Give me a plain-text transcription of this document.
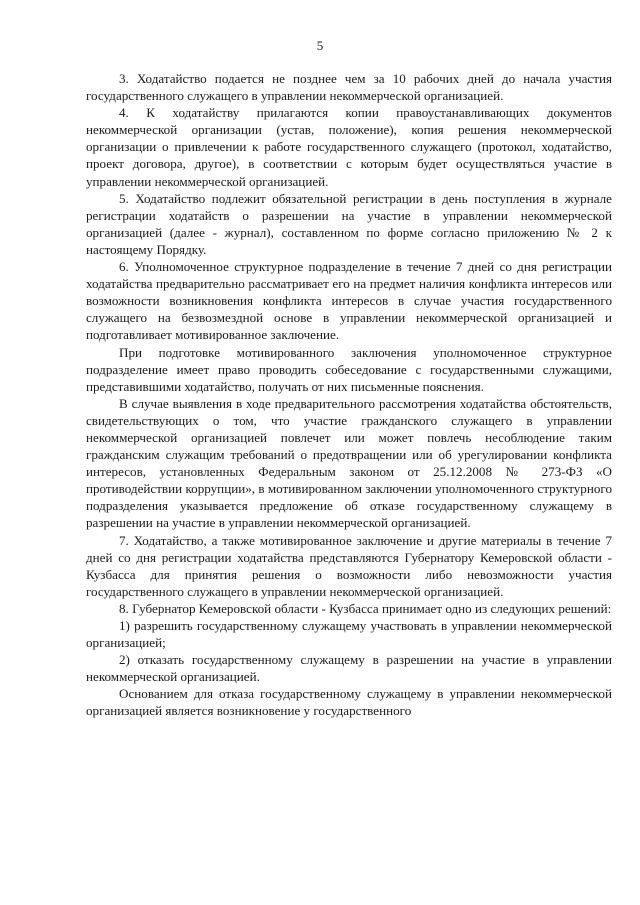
5

3. Ходатайство подается не позднее чем за 10 рабочих дней до начала участия государственного служащего в управлении некоммерческой организацией.

4. К ходатайству прилагаются копии правоустанавливающих документов некоммерческой организации (устав, положение), копия решения некоммерческой организации о привлечении к работе государственного служащего (протокол, ходатайство, проект договора, другое), в соответствии с которым будет осуществляться участие в управлении некоммерческой организацией.

5. Ходатайство подлежит обязательной регистрации в день поступления в журнале регистрации ходатайств о разрешении на участие в управлении некоммерческой организацией (далее - журнал), составленном по форме согласно приложению № 2 к настоящему Порядку.

6. Уполномоченное структурное подразделение в течение 7 дней со дня регистрации ходатайства предварительно рассматривает его на предмет наличия конфликта интересов или возможности возникновения конфликта интересов в случае участия государственного служащего на безвозмездной основе в управлении некоммерческой организацией и подготавливает мотивированное заключение.

При подготовке мотивированного заключения уполномоченное структурное подразделение имеет право проводить собеседование с государственными служащими, представившими ходатайство, получать от них письменные пояснения.

В случае выявления в ходе предварительного рассмотрения ходатайства обстоятельств, свидетельствующих о том, что участие гражданского служащего в управлении некоммерческой организацией повлечет или может повлечь несоблюдение таким гражданским служащим требований о предотвращении или об урегулировании конфликта интересов, установленных Федеральным законом от 25.12.2008 № 273-ФЗ «О противодействии коррупции», в мотивированном заключении уполномоченного структурного подразделения указывается предложение об отказе государственному служащему в разрешении на участие в управлении некоммерческой организацией.

7. Ходатайство, а также мотивированное заключение и другие материалы в течение 7 дней со дня регистрации ходатайства представляются Губернатору Кемеровской области - Кузбасса для принятия решения о возможности либо невозможности участия государственного служащего в управлении некоммерческой организацией.

8. Губернатор Кемеровской области - Кузбасса принимает одно из следующих решений:

1) разрешить государственному служащему участвовать в управлении некоммерческой организацией;

2) отказать государственному служащему в разрешении на участие в управлении некоммерческой организацией.

Основанием для отказа государственному служащему в управлении некоммерческой организацией является возникновение у государственного
